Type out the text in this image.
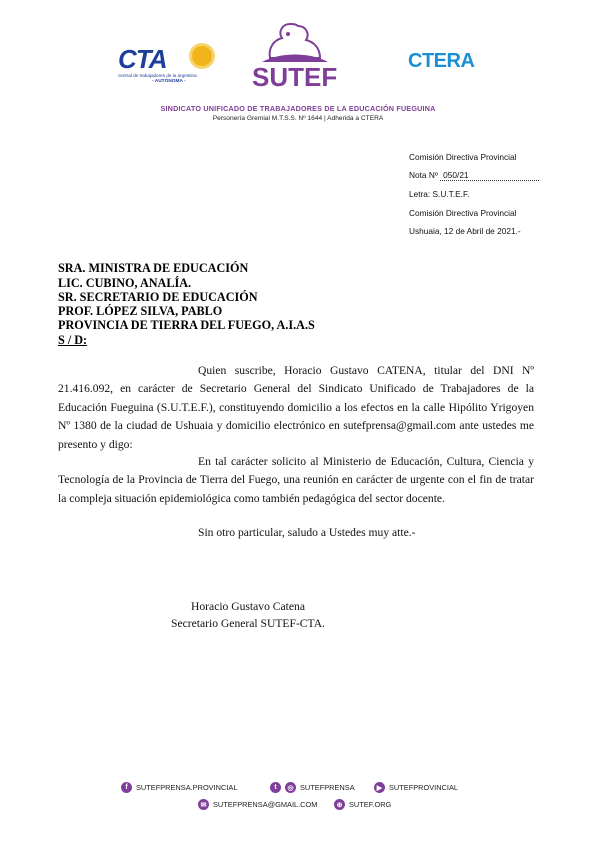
CTA
central de trabajadores de la argentina
- AUTÓNOMA -	SUTEF
CTERA
SINDICATO UNIFICADO DE TRABAJADORES DE LA EDUCACIÓN FUEGUINA
Personería Gremial M.T.S.S. Nº 1644 | Adherida a CTERA
Comisión Directiva Provincial
Nota Nº 050/21
Letra: S.U.T.E.F.
Comisión Directiva Provincial
Ushuaia, 12 de Abril de 2021.-
SRA. MINISTRA DE EDUCACIÓN
LIC. CUBINO, ANALÍA.
SR. SECRETARIO DE EDUCACIÓN
PROF. LÓPEZ SILVA, PABLO
PROVINCIA DE TIERRA DEL FUEGO, A.I.A.S
S / D:
Quien suscribe, Horacio Gustavo CATENA, titular del DNI Nº 21.416.092, en carácter de Secretario General del Sindicato Unificado de Trabajadores de la Educación Fueguina (S.U.T.E.F.), constituyendo domicilio a los efectos en la calle Hipólito Yrigoyen Nº 1380 de la ciudad de Ushuaia y domicilio electrónico en sutefprensa@gmail.com ante ustedes me presento y digo:
En tal carácter solicito al Ministerio de Educación, Cultura, Ciencia y Tecnología de la Provincia de Tierra del Fuego, una reunión en carácter de urgente con el fin de tratar la compleja situación epidemiológica como también pedagógica del sector docente.
Sin otro particular, saludo a Ustedes muy atte.-
Horacio Gustavo Catena
Secretario General SUTEF-CTA.
f	SUTEFPRENSA.PROVINCIAL	t	◎ SUTEFPRENSA	▶ SUTEFPROVINCIAL
✉ SUTEFPRENSA@GMAIL.COM	⊕ SUTEF.ORG
